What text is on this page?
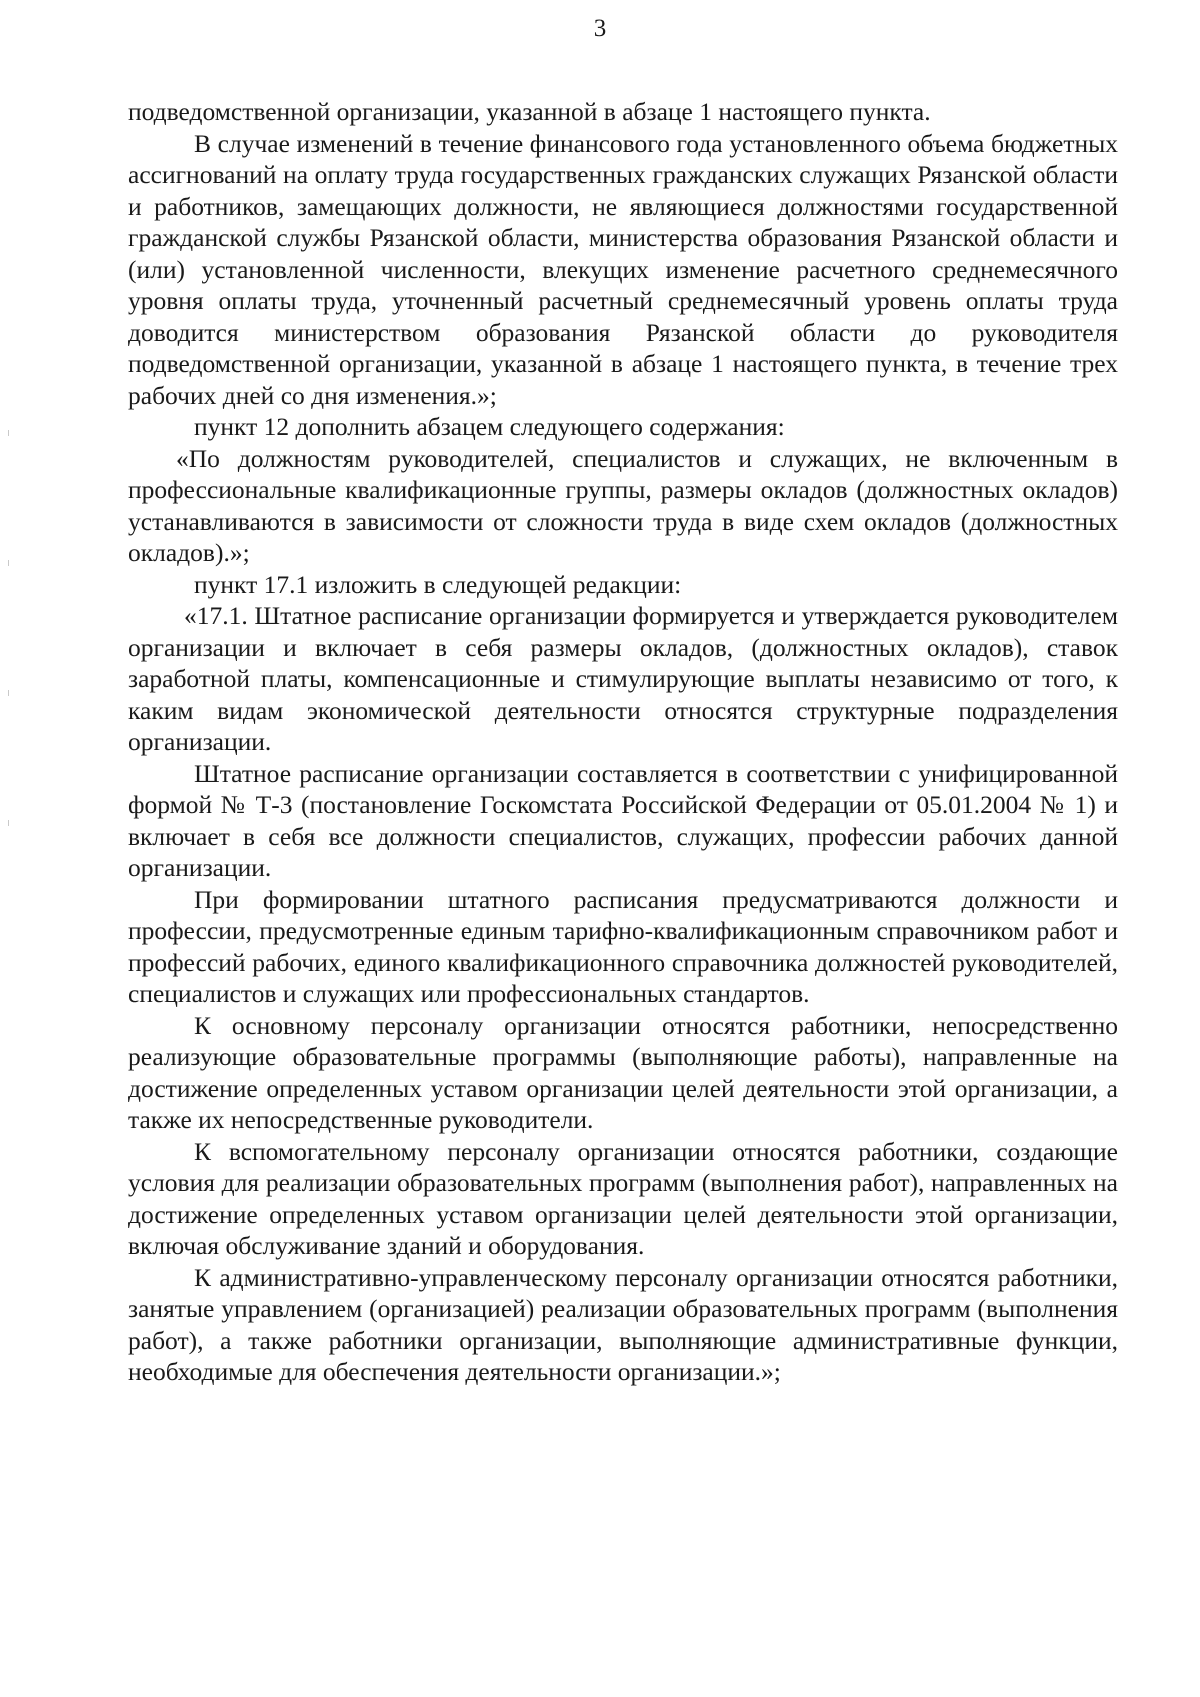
3

подведомственной организации, указанной в абзаце 1 настоящего пункта.

В случае изменений в течение финансового года установленного объема бюджетных ассигнований на оплату труда государственных гражданских служащих Рязанской области и работников, замещающих должности, не являющиеся должностями государственной гражданской службы Рязанской области, министерства образования Рязанской области и (или) установленной численности, влекущих изменение расчетного среднемесячного уровня оплаты труда, уточненный расчетный среднемесячный уровень оплаты труда доводится министерством образования Рязанской области до руководителя подведомственной организации, указанной в абзаце 1 настоящего пункта, в течение трех рабочих дней со дня изменения.»;

пункт 12 дополнить абзацем следующего содержания:

«По должностям руководителей, специалистов и служащих, не включенным в профессиональные квалификационные группы, размеры окладов (должностных окладов) устанавливаются в зависимости от сложности труда в виде схем окладов (должностных окладов).»;

пункт 17.1 изложить в следующей редакции:

«17.1. Штатное расписание организации формируется и утверждается руководителем организации и включает в себя размеры окладов, (должностных окладов), ставок заработной платы, компенсационные и стимулирующие выплаты независимо от того, к каким видам экономической деятельности относятся структурные подразделения организации.

Штатное расписание организации составляется в соответствии с унифицированной формой № Т-3 (постановление Госкомстата Российской Федерации от 05.01.2004 № 1) и включает в себя все должности специалистов, служащих, профессии рабочих данной организации.

При формировании штатного расписания предусматриваются должности и профессии, предусмотренные единым тарифно-квалификационным справочником работ и профессий рабочих, единого квалификационного справочника должностей руководителей, специалистов и служащих или профессиональных стандартов.

К основному персоналу организации относятся работники, непосредственно реализующие образовательные программы (выполняющие работы), направленные на достижение определенных уставом организации целей деятельности этой организации, а также их непосредственные руководители.

К вспомогательному персоналу организации относятся работники, создающие условия для реализации образовательных программ (выполнения работ), направленных на достижение определенных уставом организации целей деятельности этой организации, включая обслуживание зданий и оборудования.

К административно-управленческому персоналу организации относятся работники, занятые управлением (организацией) реализации образовательных программ (выполнения работ), а также работники организации, выполняющие административные функции, необходимые для обеспечения деятельности организации.»;
